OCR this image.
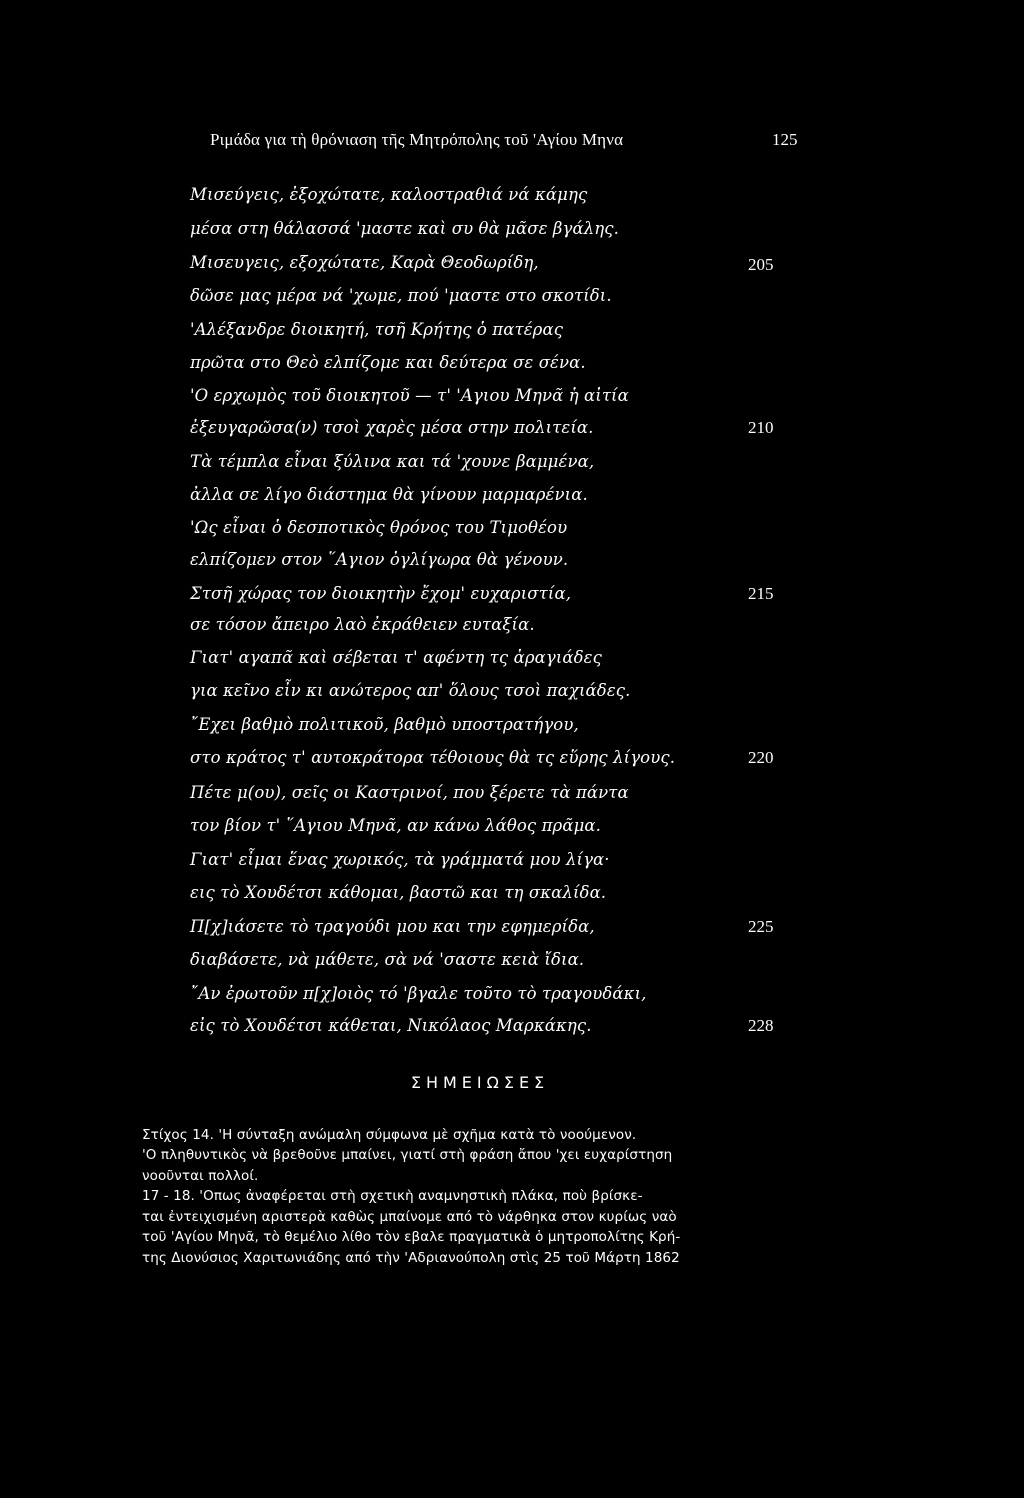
Ριμάδα για τὴ θρόνιαση τῆς Μητρόπολης τοῦ 'Αγίου Μηνα	125
Μισεύγεις, ἐξοχώτατε, καλοστραθιά νά κάμης
μέσα στη θάλασσά 'μαστε καὶ συ θὰ μᾶσε βγάλης.
Μισευγεις, εξοχώτατε, Καρὰ Θεοδωρίδη,
δῶσε μας μέρα νά 'χωμε, πού 'μαστε στο σκοτίδι.
'Αλέξανδρε διοικητή, τσῆ Κρήτης ὁ πατέρας
πρῶτα στο Θεὸ ελπίζομε και δεύτερα σε σένα.
'Ο ερχωμὸς τοῦ διοικητοῦ — τ' 'Αγιου Μηνᾶ ἡ αἰτία
ἐξευγαρῶσα(ν) τσοὶ χαρὲς μέσα στην πολιτεία.
Τὰ τέμπλα εἶναι ξύλινα και τά 'χουνε βαμμένα,
ἀλλα σε λίγο διάστημα θὰ γίνουν μαρμαρένια.
'Ως εἶναι ὁ δεσποτικὸς θρόνος του Τιμοθέου
ελπίζομεν στον ῞Αγιον ὀγλίγωρα θὰ γένουν.
Στσῆ χώρας τον διοικητὴν ἔχομ' ευχαριστία,
σε τόσον ἄπειρο λαὸ ἐκράθειεν ευταξία.
Γιατ' αγαπᾶ καὶ σέβεται τ' αφέντη τς ἀραγιάδες
για κεῖνο εἶν κι ανώτερος απ' ὅλους τσοὶ παχιάδες.
῎Εχει βαθμὸ πολιτικοῦ, βαθμὸ υποστρατήγου,
στο κράτος τ' αυτοκράτορα τέθοιους θὰ τς εὕρης λίγους.
Πέτε μ(ου), σεῖς οι Καστρινοί, που ξέρετε τὰ πάντα
τον βίον τ' ῞Αγιου Μηνᾶ, αν κάνω λάθος πρᾶμα.
Γιατ' εἶμαι ἕνας χωρικός, τὰ γράμματά μου λίγα·
εις τὸ Χουδέτσι κάθομαι, βαστῶ και τη σκαλίδα.
Π[χ]ιάσετε τὸ τραγούδι μου και την εφημερίδα,
διαβάσετε, νὰ μάθετε, σὰ νά 'σαστε κειὰ ἴδια.
῎Αν ἐρωτοῦν π[χ]οιὸς τό 'βγαλε τοῦτο τὸ τραγουδάκι,
εἰς τὸ Χουδέτσι κάθεται, Νικόλαος Μαρκάκης.
205
210
215
220
225
228
ΣΗΜΕΙΩΣΕΣ
Στίχος 14. 'Η σύνταξη ανώμαλη σύμφωνα μὲ σχῆμα κατὰ τὸ νοούμενον.
'Ο πληθυντικὸς νὰ βρεθοῦνε μπαίνει, γιατί στὴ φράση ἄπου 'χει ευχαρίστηση
νοοῦνται πολλοί.
17 - 18. 'Οπως ἀναφέρεται στὴ σχετικὴ αναμνηστικὴ πλάκα, ποὺ βρίσκε-
ται ἐντειχισμένη αριστερὰ καθὼς μπαίνομε από τὸ νάρθηκα στον κυρίως ναὸ
τοῦ 'Αγίου Μηνᾶ, τὸ θεμέλιο λίθο τὸν εβαλε πραγματικὰ ὁ μητροπολίτης Κρή-
της Διονύσιος Χαριτωνιάδης από τὴν 'Αδριανούπολη στὶς 25 τοῦ Μάρτη 1862
